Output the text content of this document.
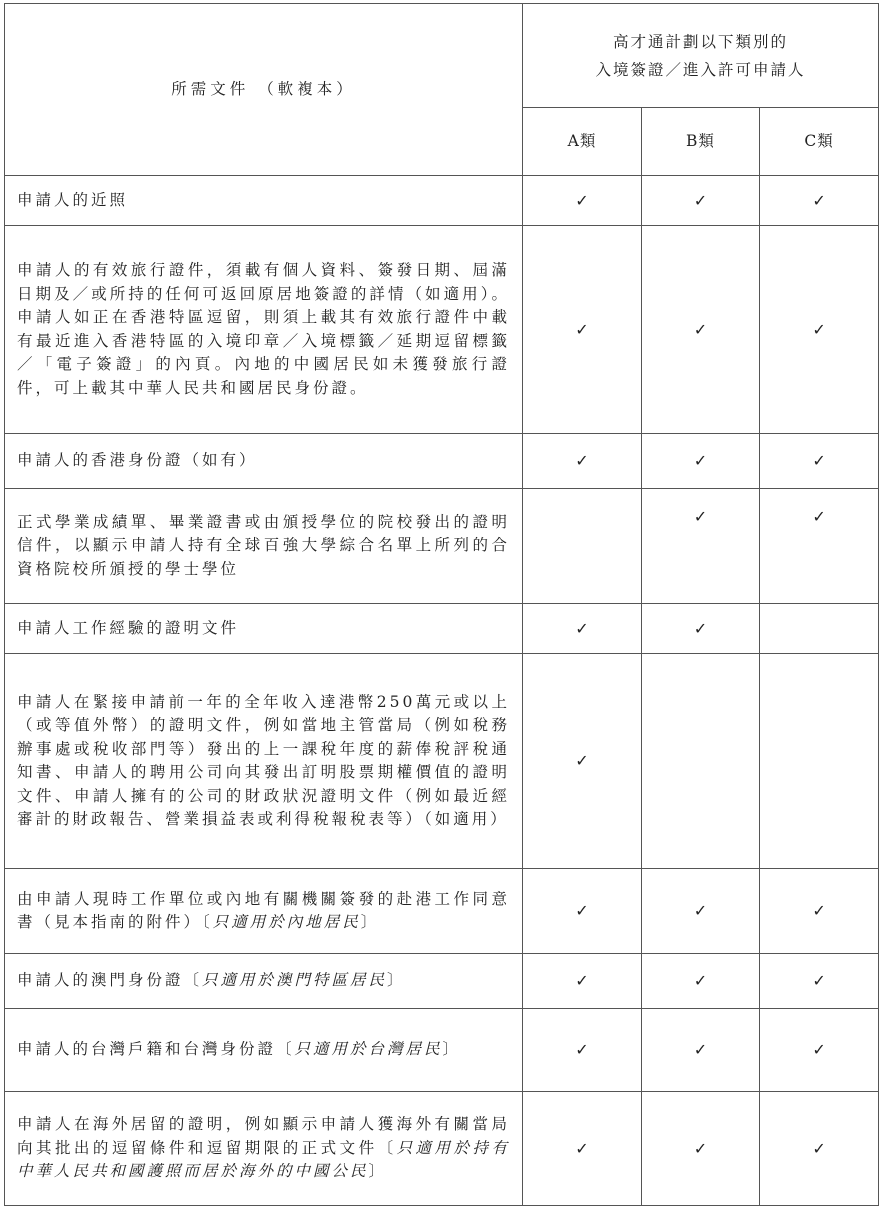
所需文件 （軟複本）	高才通計劃以下類別的
入境簽證／進入許可申請人		

	A類	B類	C類
申請人的近照	✓	✓	✓
申請人的有效旅行證件，須載有個人資料、簽發日期、屆滿日期及／或所持的任何可返回原居地簽證的詳情（如適用）。申請人如正在香港特區逗留，則須上載其有效旅行證件中載有最近進入香港特區的入境印章／入境標籤／延期逗留標籤／「電子簽證」的內頁。內地的中國居民如未獲發旅行證件，可上載其中華人民共和國居民身份證。	✓	✓	✓
申請人的香港身份證（如有）	✓	✓	✓
正式學業成績單、畢業證書或由頒授學位的院校發出的證明信件，以顯示申請人持有全球百強大學綜合名單上所列的合資格院校所頒授的學士學位		✓	✓
申請人工作經驗的證明文件	✓	✓	
申請人在緊接申請前一年的全年收入達港幣250萬元或以上（或等值外幣）的證明文件，例如當地主管當局（例如稅務辦事處或稅收部門等）發出的上一課稅年度的薪俸稅評稅通知書、申請人的聘用公司向其發出訂明股票期權價值的證明文件、申請人擁有的公司的財政狀況證明文件（例如最近經審計的財政報告、營業損益表或利得稅報稅表等）（如適用）	✓		
由申請人現時工作單位或內地有關機關簽發的赴港工作同意書（見本指南的附件）〔只適用於內地居民〕	✓	✓	✓
申請人的澳門身份證〔只適用於澳門特區居民〕	✓	✓	✓
申請人的台灣戶籍和台灣身份證〔只適用於台灣居民〕	✓	✓	✓
申請人在海外居留的證明，例如顯示申請人獲海外有關當局向其批出的逗留條件和逗留期限的正式文件〔只適用於持有中華人民共和國護照而居於海外的中國公民〕	✓	✓	✓
